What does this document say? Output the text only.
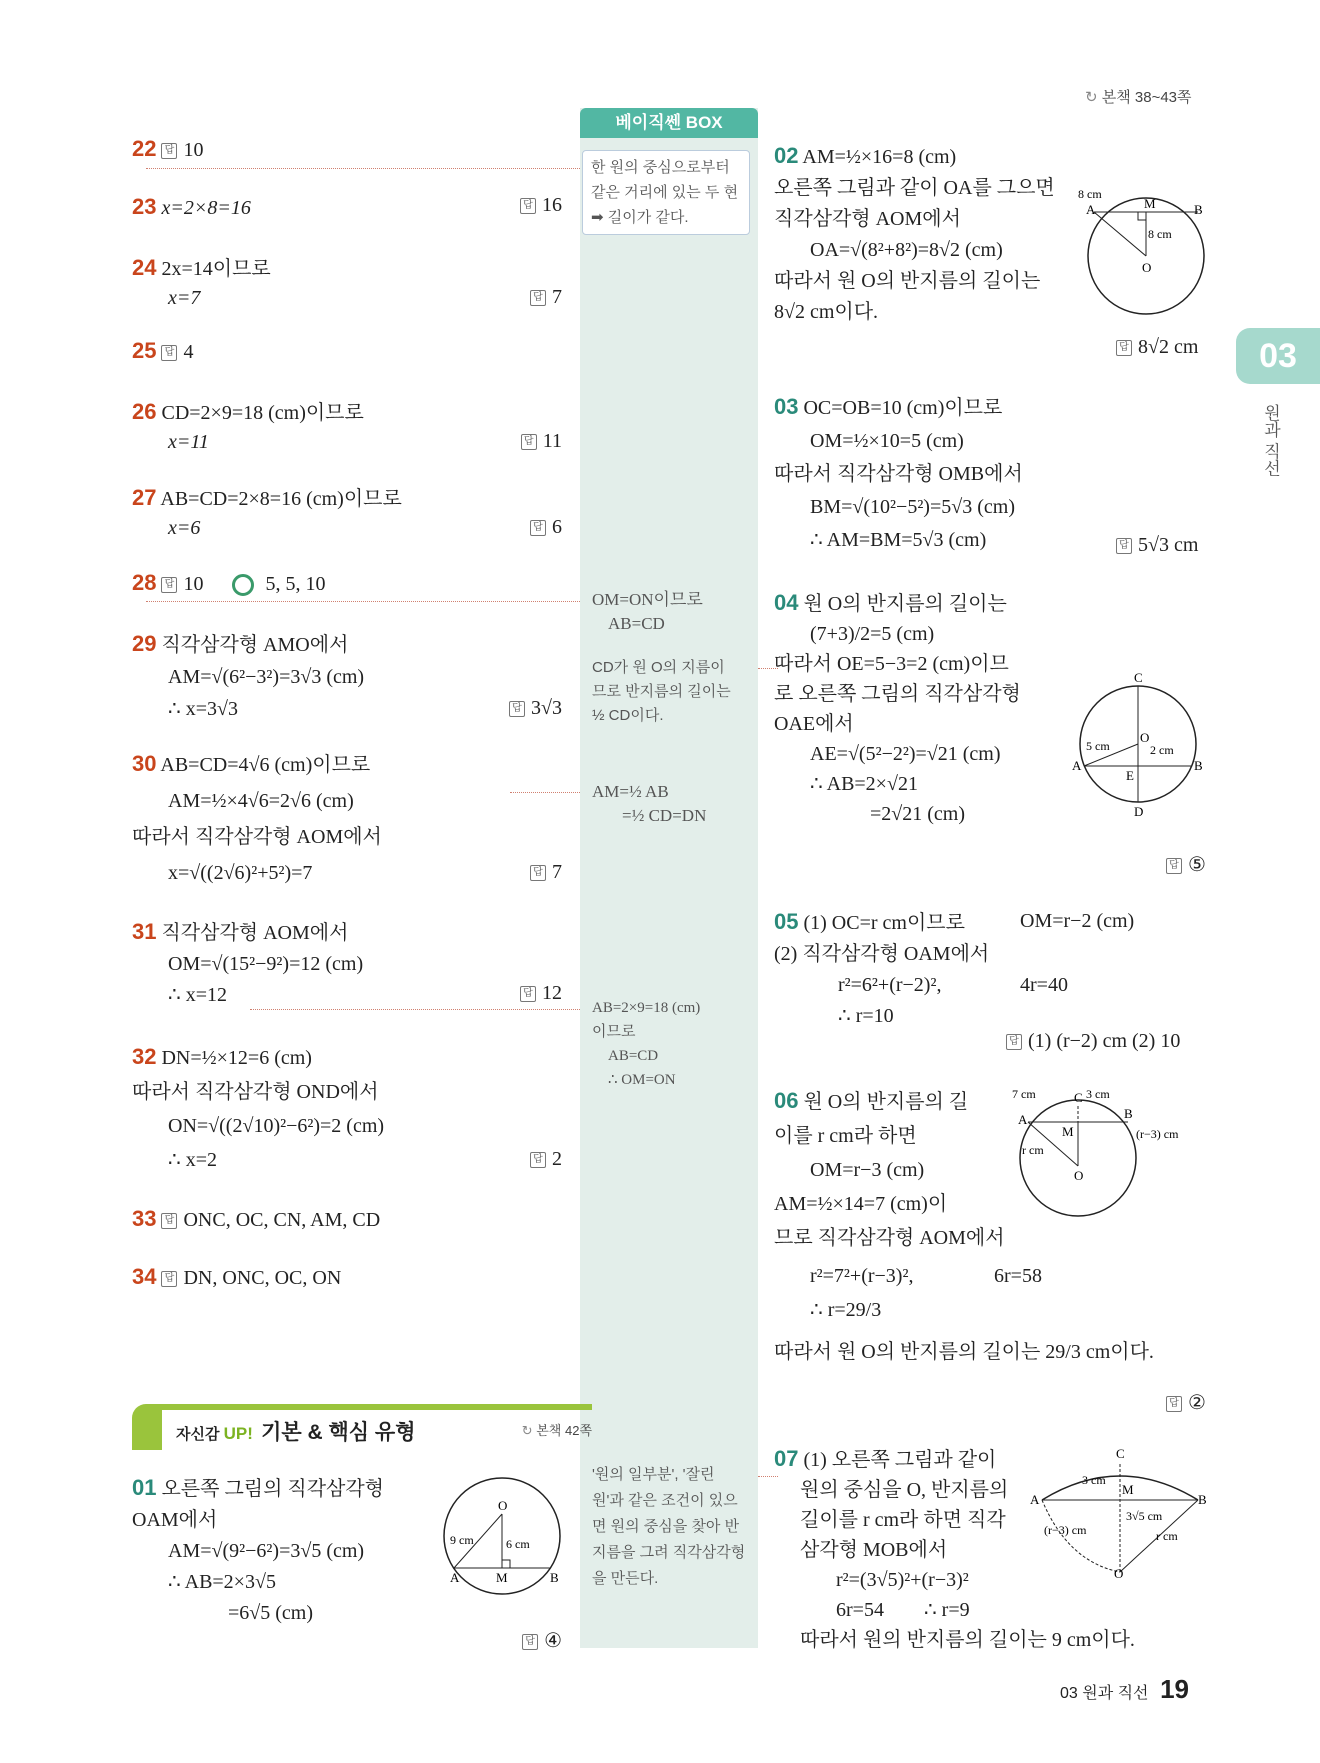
↻ 본책 38~43쪽
03
원과 직선
베이직쎈 BOX
한 원의 중심으로부터 같은 거리에 있는 두 현 ➡ 길이가 같다.
OM=ON이므로
AB=CD
CD가 원 O의 지름이
므로 반지름의 길이는
½ CD이다.
AM=½ AB
=½ CD=DN
AB=2×9=18 (cm)
이므로
AB=CD
∴ OM=ON
'원의 일부분', '잘린 원'과 같은 조건이 있으면 원의 중심을 찾아 반지름을 그려 직각삼각형을 만든다.
22 답 10
23 x=2×8=16 답	16
24 2x=14이므로
x=7 답	7
25 답 4
26 CD=2×9=18 (cm)이므로
x=11 답	11
27 AB=CD=2×8=16 (cm)이므로
x=6 답	6
28 답 10	5, 5, 10
29 직각삼각형 AMO에서
AM=√(6²−3²)=3√3 (cm)
∴ x=3√3 답	3√3
30 AB=CD=4√6 (cm)이므로
AM=½×4√6=2√6 (cm)
따라서 직각삼각형 AOM에서
x=√((2√6)²+5²)=7 답	7
31 직각삼각형 AOM에서
OM=√(15²−9²)=12 (cm)
∴ x=12 답	12
32 DN=½×12=6 (cm)
따라서 직각삼각형 OND에서
ON=√((2√10)²−6²)=2 (cm)
∴ x=2 답	2
33 답 ONC, OC, CN, AM, CD
34 답 DN, ONC, OC, ON
자신감 UP! 기본 & 핵심 유형	↻ 본책 42쪽
01 오른쪽 그림의 직각삼각형
OAM에서
AM=√(9²−6²)=3√5 (cm)
∴ AB=2×3√5
=6√5 (cm)
답④
A	B
M
O
9 cm	6 cm
02 AM=½×16=8 (cm)
오른쪽 그림과 같이 OA를 그으면
직각삼각형 AOM에서
OA=√(8²+8²)=8√2 (cm)
따라서 원 O의 반지름의 길이는
8√2 cm이다.
답8√2 cm
A	B
M
O
8 cm
8 cm
03 OC=OB=10 (cm)이므로
OM=½×10=5 (cm)
따라서 직각삼각형 OMB에서
BM=√(10²−5²)=5√3 (cm)
∴ AM=BM=5√3 (cm) 답	5√3 cm
04 원 O의 반지름의 길이는
(7+3)/2=5 (cm)
따라서 OE=5−3=2 (cm)이므
로 오른쪽 그림의 직각삼각형
OAE에서
AE=√(5²−2²)=√21 (cm)
∴ AB=2×√21
=2√21 (cm)
답⑤
C
D
A	B
E
O
5 cm	2 cm
05 (1) OC=r cm이므로	OM=r−2 (cm)
(2) 직각삼각형 OAM에서
r²=6²+(r−2)²,	4r=40
∴ r=10
답(1) (r−2) cm (2) 10
06 원 O의 반지름의 길
이를 r cm라 하면
OM=r−3 (cm)
AM=½×14=7 (cm)이
므로 직각삼각형 AOM에서
r²=7²+(r−3)²,	6r=58
∴ r=29/3
따라서 원 O의 반지름의 길이는 29/3 cm이다.
답②
C
A	B
M
O
7 cm	3 cm
(r−3) cm
r cm
07 (1) 오른쪽 그림과 같이
원의 중심을 O, 반지름의
길이를 r cm라 하면 직각
삼각형 MOB에서
r²=(3√5)²+(r−3)²
6r=54 ∴ r=9
따라서 원의 반지름의 길이는 9 cm이다.
C
A	B
M
O
3 cm
3√5 cm
(r−3) cm	r cm
03 원과 직선 19
